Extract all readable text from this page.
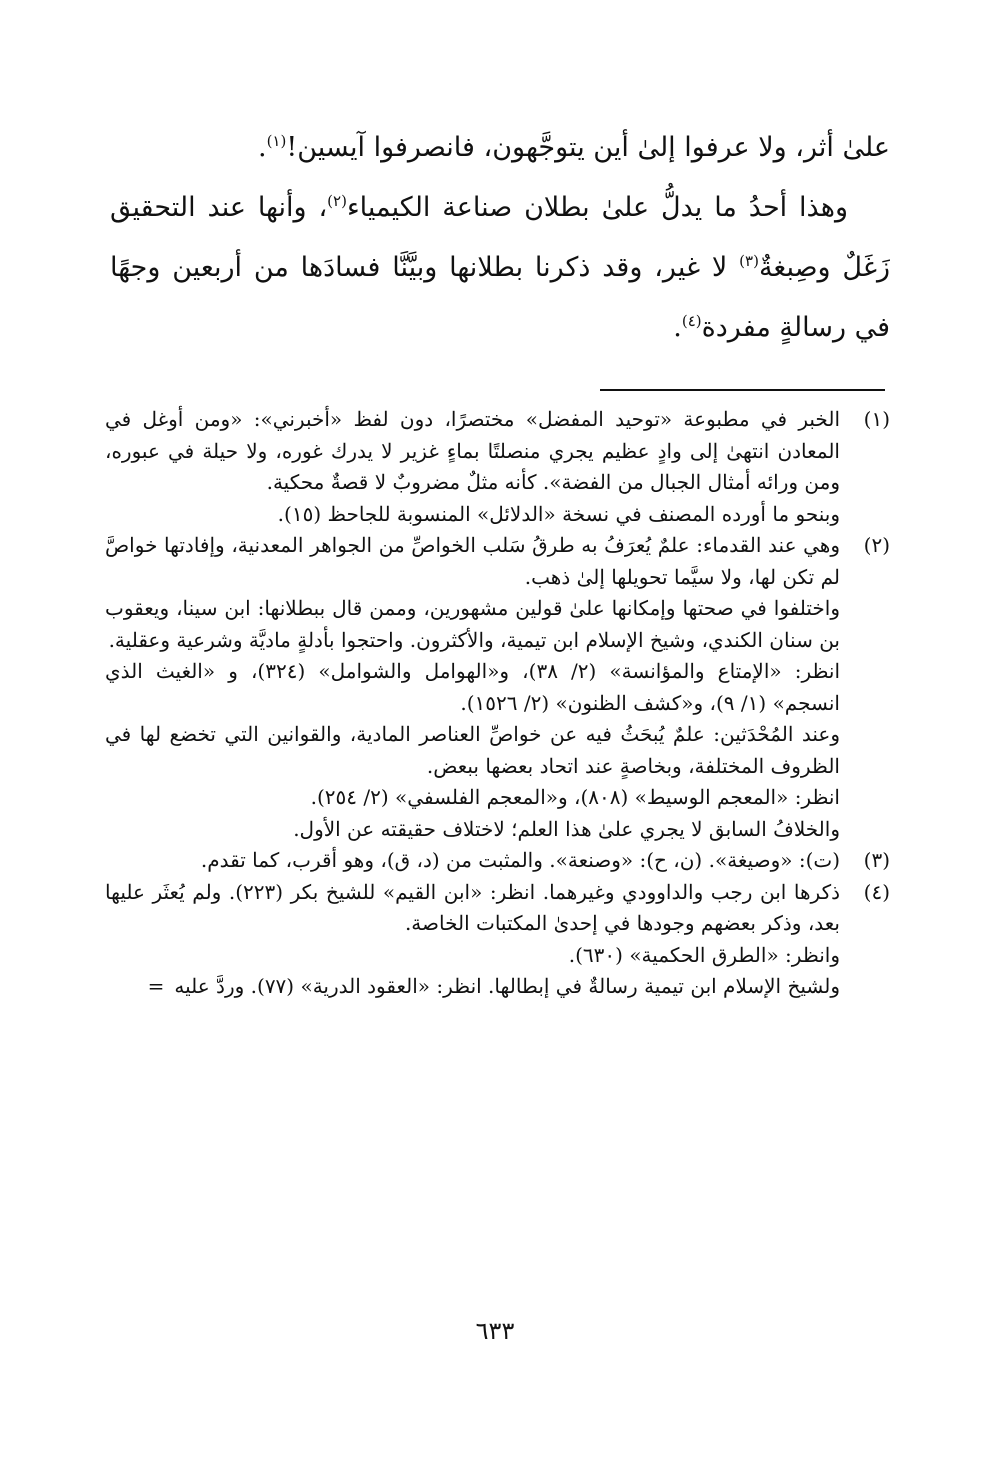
علىٰ أثر، ولا عرفوا إلىٰ أين يتوجَّهون، فانصرفوا آيسين!$^{(١)}$.

وهذا أحدُ ما يدلُّ علىٰ بطلان صناعة الكيمياء$^{(٢)}$، وأنها عند التحقيق زَغَلٌ وصِبغةٌ$^{(٣)}$ لا غير، وقد ذكرنا بطلانها وبيَّنَّا فسادَها من أربعين وجهًا في رسالةٍ مفردة$^{(٤)}$.

(١)

الخبر في مطبوعة «توحيد المفضل» مختصرًا، دون لفظ «أخبرني»: «ومن أوغل في المعادن انتهىٰ إلى وادٍ عظيم يجري منصلتًا بماءٍ غزير لا يدرك غوره، ولا حيلة في عبوره، ومن ورائه أمثال الجبال من الفضة». كأنه مثلٌ مضروبٌ لا قصةٌ محكية.

وبنحو ما أورده المصنف في نسخة «الدلائل» المنسوبة للجاحظ (١٥).

(٢)

وهي عند القدماء: علمٌ يُعرَفُ به طرقُ سَلب الخواصِّ من الجواهر المعدنية، وإفادتها خواصَّ لم تكن لها، ولا سيَّما تحويلها إلىٰ ذهب.

واختلفوا في صحتها وإمكانها علىٰ قولين مشهورين، وممن قال ببطلانها: ابن سينا، ويعقوب بن سنان الكندي، وشيخ الإسلام ابن تيمية، والأكثرون. واحتجوا بأدلةٍ ماديَّة وشرعية وعقلية.

انظر: «الإمتاع والمؤانسة» (٢/ ٣٨)، و«الهوامل والشوامل» (٣٢٤)، و «الغيث الذي انسجم» (١/ ٩)، و«كشف الظنون» (٢/ ١٥٢٦).

وعند المُحْدَثين: علمٌ يُبحَثُ فيه عن خواصِّ العناصر المادية، والقوانين التي تخضع لها في الظروف المختلفة، وبخاصةٍ عند اتحاد بعضها ببعض.

انظر: «المعجم الوسيط» (٨٠٨)، و«المعجم الفلسفي» (٢/ ٢٥٤).

والخلافُ السابق لا يجري علىٰ هذا العلم؛ لاختلاف حقيقته عن الأول.

(٣)

(ت): «وصيغة». (ن، ح): «وصنعة». والمثبت من (د، ق)، وهو أقرب، كما تقدم.

(٤)

ذكرها ابن رجب والداوودي وغيرهما. انظر: «ابن القيم» للشيخ بكر (٢٢٣). ولم يُعثَر عليها بعد، وذكر بعضهم وجودها في إحدىٰ المكتبات الخاصة.

وانظر: «الطرق الحكمية» (٦٣٠).

ولشيخ الإسلام ابن تيمية رسالةٌ في إبطالها. انظر: «العقود الدرية» (٧٧). وردَّ عليه=

٦٣٣
